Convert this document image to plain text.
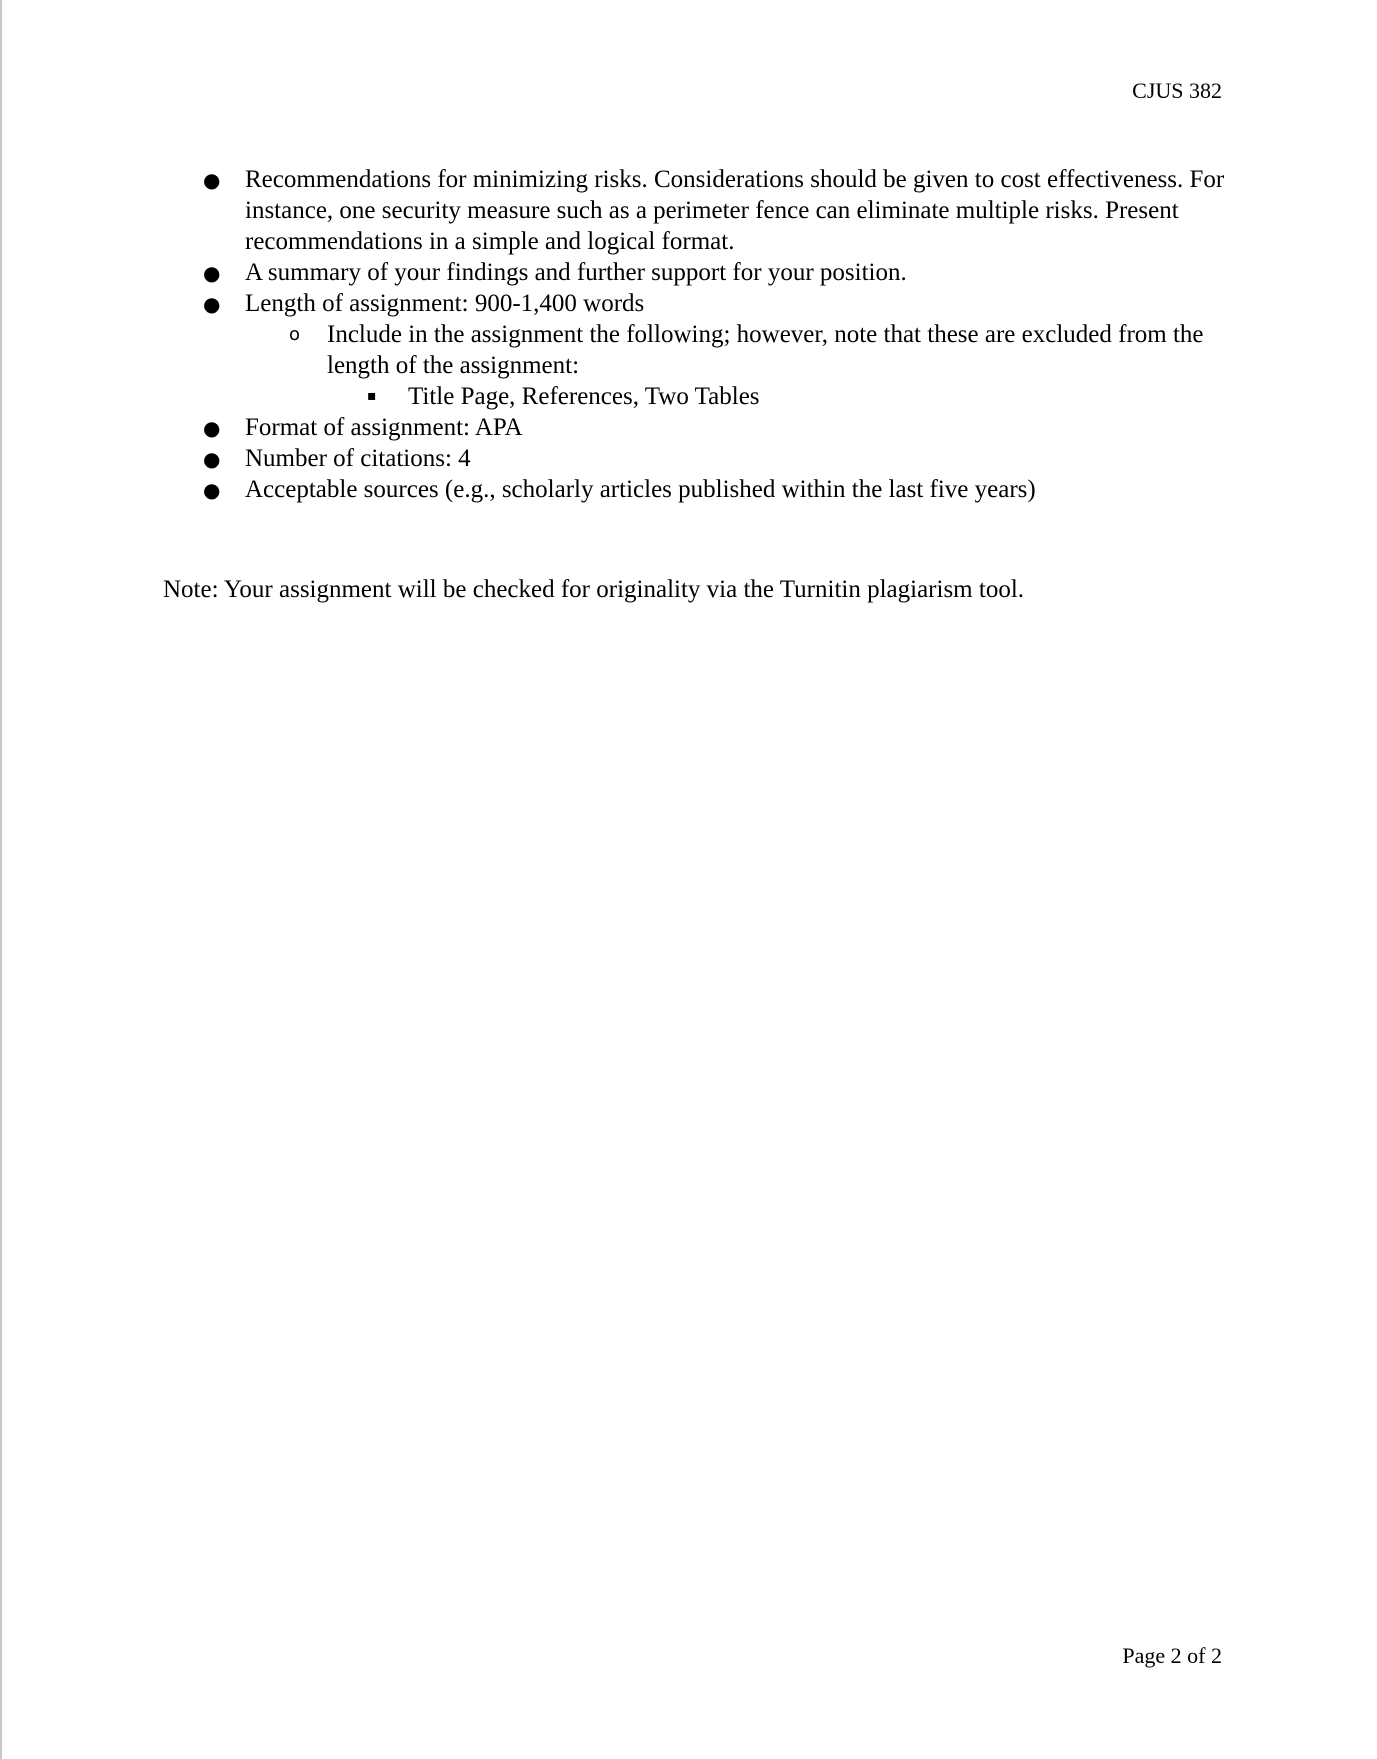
CJUS 382
● Recommendations for minimizing risks. Considerations should be given to cost effectiveness. For instance, one security measure such as a perimeter fence can eliminate multiple risks. Present recommendations in a simple and logical format.
● A summary of your findings and further support for your position.
● Length of assignment: 900-1,400 words
o Include in the assignment the following; however, note that these are excluded from the length of the assignment:
▪ Title Page, References, Two Tables
● Format of assignment: APA
● Number of citations: 4
● Acceptable sources (e.g., scholarly articles published within the last five years)
Note: Your assignment will be checked for originality via the Turnitin plagiarism tool.
Page 2 of 2
